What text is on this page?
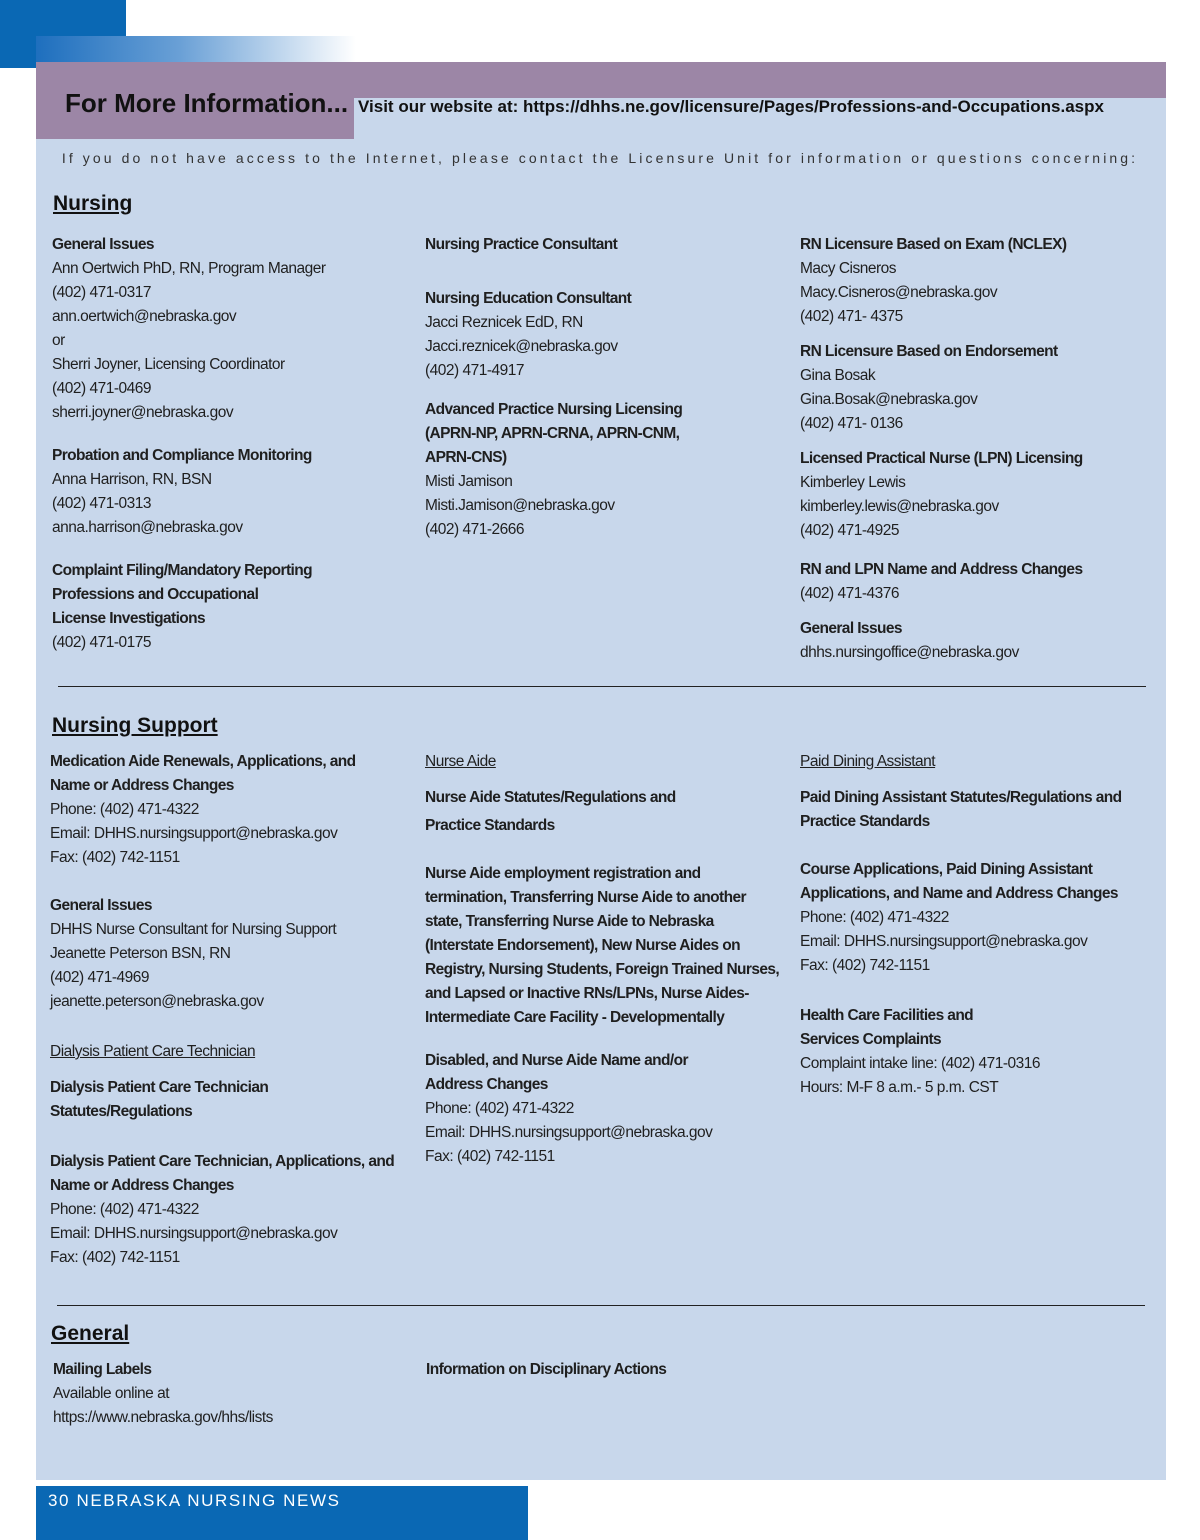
For More Information... Visit our website at: https://dhhs.ne.gov/licensure/Pages/Professions-and-Occupations.aspx
If you do not have access to the Internet, please contact the Licensure Unit for information or questions concerning:
Nursing
General Issues
Ann Oertwich PhD, RN, Program Manager
(402) 471-0317
ann.oertwich@nebraska.gov
or
Sherri Joyner, Licensing Coordinator
(402) 471-0469
sherri.joyner@nebraska.gov
Probation and Compliance Monitoring
Anna Harrison, RN, BSN
(402) 471-0313
anna.harrison@nebraska.gov
Complaint Filing/Mandatory Reporting
Professions and Occupational
License Investigations
(402) 471-0175
Nursing Practice Consultant
Nursing Education Consultant
Jacci Reznicek EdD, RN
Jacci.reznicek@nebraska.gov
(402) 471-4917
Advanced Practice Nursing Licensing
(APRN-NP, APRN-CRNA, APRN-CNM,
APRN-CNS)
Misti Jamison
Misti.Jamison@nebraska.gov
(402) 471-2666
RN Licensure Based on Exam (NCLEX)
Macy Cisneros
Macy.Cisneros@nebraska.gov
(402) 471- 4375
RN Licensure Based on Endorsement
Gina Bosak
Gina.Bosak@nebraska.gov
(402) 471- 0136
Licensed Practical Nurse (LPN) Licensing
Kimberley Lewis
kimberley.lewis@nebraska.gov
(402) 471-4925
RN and LPN Name and Address Changes
(402) 471-4376
General Issues
dhhs.nursingoffice@nebraska.gov
Nursing Support
Medication Aide Renewals, Applications, and
Name or Address Changes
Phone: (402) 471-4322
Email: DHHS.nursingsupport@nebraska.gov
Fax: (402) 742-1151
General Issues
DHHS Nurse Consultant for Nursing Support
Jeanette Peterson BSN, RN
(402) 471-4969
jeanette.peterson@nebraska.gov
Dialysis Patient Care Technician
Dialysis Patient Care Technician
Statutes/Regulations
Dialysis Patient Care Technician, Applications, and
Name or Address Changes
Phone: (402) 471-4322
Email: DHHS.nursingsupport@nebraska.gov
Fax: (402) 742-1151
Nurse Aide
Nurse Aide Statutes/Regulations and
Practice Standards
Nurse Aide employment registration and
termination, Transferring Nurse Aide to another
state, Transferring Nurse Aide to Nebraska
(Interstate Endorsement), New Nurse Aides on
Registry, Nursing Students, Foreign Trained Nurses,
and Lapsed or Inactive RNs/LPNs, Nurse Aides-
Intermediate Care Facility - Developmentally
Disabled, and Nurse Aide Name and/or
Address Changes
Phone: (402) 471-4322
Email: DHHS.nursingsupport@nebraska.gov
Fax: (402) 742-1151
Paid Dining Assistant
Paid Dining Assistant Statutes/Regulations and
Practice Standards
Course Applications, Paid Dining Assistant
Applications, and Name and Address Changes
Phone: (402) 471-4322
Email: DHHS.nursingsupport@nebraska.gov
Fax: (402) 742-1151
Health Care Facilities and
Services Complaints
Complaint intake line: (402) 471-0316
Hours: M-F 8 a.m.- 5 p.m. CST
General
Mailing Labels
Available online at
https://www.nebraska.gov/hhs/lists
Information on Disciplinary Actions
30 NEBRASKA NURSING NEWS
